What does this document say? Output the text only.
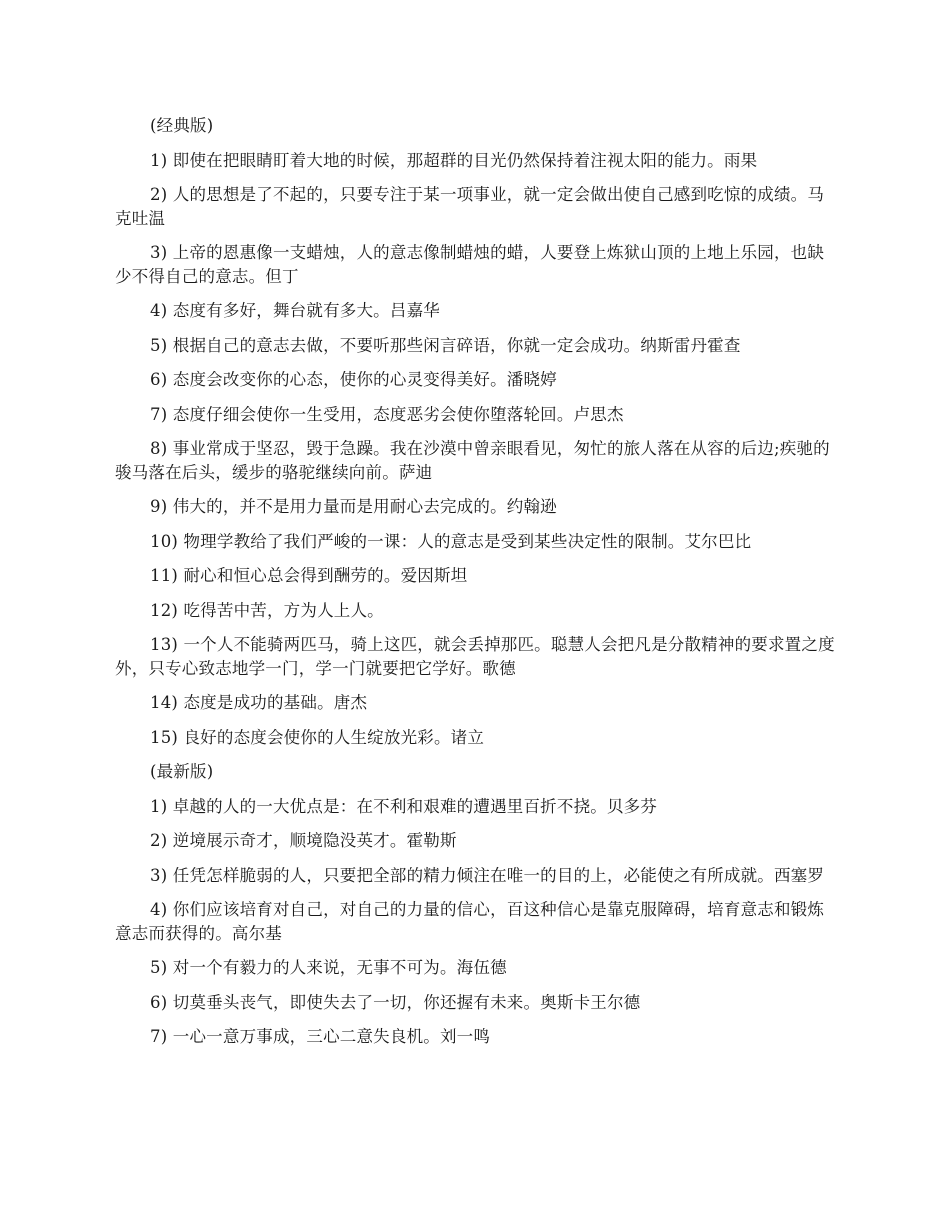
(经典版)

1) 即使在把眼睛盯着大地的时候，那超群的目光仍然保持着注视太阳的能力。雨果

2) 人的思想是了不起的，只要专注于某一项事业，就一定会做出使自己感到吃惊的成绩。马克吐温

3) 上帝的恩惠像一支蜡烛，人的意志像制蜡烛的蜡，人要登上炼狱山顶的上地上乐园，也缺少不得自己的意志。但丁

4) 态度有多好，舞台就有多大。吕嘉华

5) 根据自己的意志去做，不要听那些闲言碎语，你就一定会成功。纳斯雷丹霍查

6) 态度会改变你的心态，使你的心灵变得美好。潘晓婷

7) 态度仔细会使你一生受用，态度恶劣会使你堕落轮回。卢思杰

8) 事业常成于坚忍，毁于急躁。我在沙漠中曾亲眼看见，匆忙的旅人落在从容的后边;疾驰的骏马落在后头，缓步的骆驼继续向前。萨迪

9) 伟大的，并不是用力量而是用耐心去完成的。约翰逊

10) 物理学教给了我们严峻的一课：人的意志是受到某些决定性的限制。艾尔巴比

11) 耐心和恒心总会得到酬劳的。爱因斯坦

12) 吃得苦中苦，方为人上人。

13) 一个人不能骑两匹马，骑上这匹，就会丢掉那匹。聪慧人会把凡是分散精神的要求置之度外，只专心致志地学一门，学一门就要把它学好。歌德

14) 态度是成功的基础。唐杰

15) 良好的态度会使你的人生绽放光彩。诸立

(最新版)

1) 卓越的人的一大优点是：在不利和艰难的遭遇里百折不挠。贝多芬

2) 逆境展示奇才，顺境隐没英才。霍勒斯

3) 任凭怎样脆弱的人，只要把全部的精力倾注在唯一的目的上，必能使之有所成就。西塞罗

4) 你们应该培育对自己，对自己的力量的信心，百这种信心是靠克服障碍，培育意志和锻炼意志而获得的。高尔基

5) 对一个有毅力的人来说，无事不可为。海伍德

6) 切莫垂头丧气，即使失去了一切，你还握有未来。奥斯卡王尔德

7) 一心一意万事成，三心二意失良机。刘一鸣
